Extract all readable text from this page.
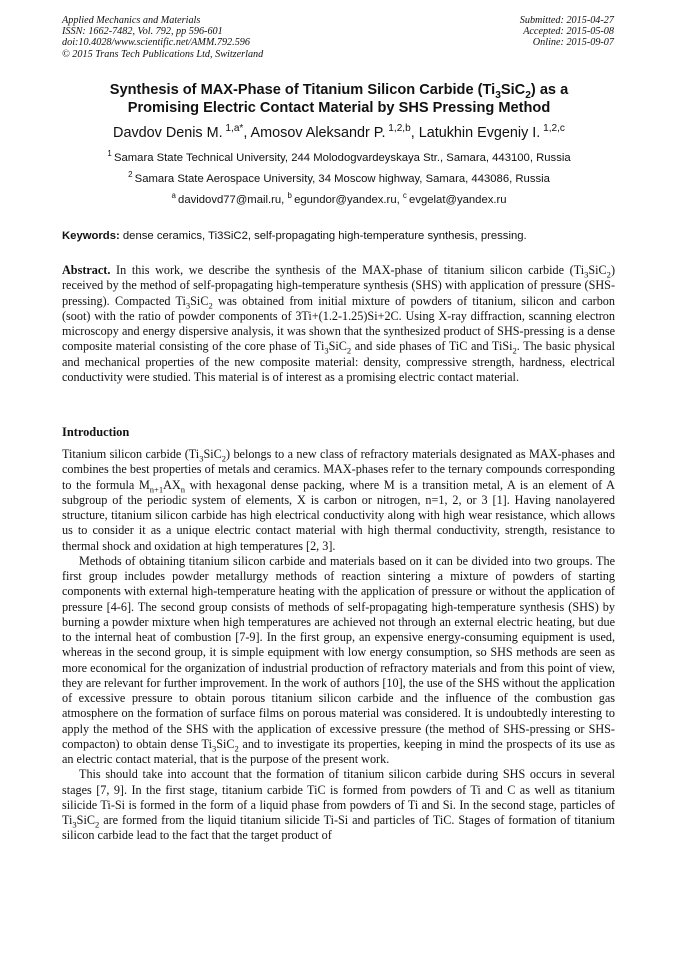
Applied Mechanics and Materials
ISSN: 1662-7482, Vol. 792, pp 596-601
doi:10.4028/www.scientific.net/AMM.792.596
© 2015 Trans Tech Publications Ltd, Switzerland
Submitted: 2015-04-27
Accepted: 2015-05-08
Online: 2015-09-07
Synthesis of MAX-Phase of Titanium Silicon Carbide $(Ti_3SiC_2)$ as a
Promising Electric Contact Material by SHS Pressing Method
Davdov Denis M. $^{1,a*}$, Amosov Aleksandr P. $^{1,2,b}$, Latukhin Evgeniy I. $^{1,2,c}$
$^1$ Samara State Technical University, 244 Molodogvardeyskaya Str., Samara, 443100, Russia
$^2$ Samara State Aerospace University, 34 Moscow highway, Samara, 443086, Russia
$^a$ davidovd77@mail.ru, $^b$ egundor@yandex.ru, $^c$ evgelat@yandex.ru
Keywords: dense ceramics, Ti3SiC2, self-propagating high-temperature synthesis, pressing.

Abstract. In this work, we describe the synthesis of the MAX-phase of titanium silicon carbide $(Ti_3SiC_2)$ received by the method of self-propagating high-temperature synthesis (SHS) with application of pressure (SHS-pressing). Compacted $Ti_3SiC_2$ was obtained from initial mixture of powders of titanium, silicon and carbon (soot) with the ratio of powder components of 3Ti+(1.2-1.25)Si+2C. Using X-ray diffraction, scanning electron microscopy and energy dispersive analysis, it was shown that the synthesized product of SHS-pressing is a dense composite material consisting of the core phase of $Ti_3SiC_2$ and side phases of TiC and TiSi$_2$. The basic physical and mechanical properties of the new composite material: density, compressive strength, hardness, electrical conductivity were studied. This material is of interest as a promising electric contact material.

Introduction

Titanium silicon carbide $(Ti_3SiC_2)$ belongs to a new class of refractory materials designated as MAX-phases and combines the best properties of metals and ceramics. MAX-phases refer to the ternary compounds corresponding to the formula $M_{n+1}AX_n$ with hexagonal dense packing, where M is a transition metal, A is an element of A subgroup of the periodic system of elements, X is carbon or nitrogen, n=1, 2, or 3 [1]. Having nanolayered structure, titanium silicon carbide has high electrical conductivity along with high wear resistance, which allows us to consider it as a unique electric contact material with high thermal conductivity, strength, resistance to thermal shock and oxidation at high temperatures [2, 3].

Methods of obtaining titanium silicon carbide and materials based on it can be divided into two groups. The first group includes powder metallurgy methods of reaction sintering a mixture of powders of starting components with external high-temperature heating with the application of pressure or without the application of pressure [4-6]. The second group consists of methods of self-propagating high-temperature synthesis (SHS) by burning a powder mixture when high temperatures are achieved not through an external electric heating, but due to the internal heat of combustion [7-9]. In the first group, an expensive energy-consuming equipment is used, whereas in the second group, it is simple equipment with low energy consumption, so SHS methods are seen as more economical for the organization of industrial production of refractory materials and from this point of view, they are relevant for further improvement. In the work of authors [10], the use of the SHS without the application of excessive pressure to obtain porous titanium silicon carbide and the influence of the combustion gas atmosphere on the formation of surface films on porous material was considered. It is undoubtedly interesting to apply the method of the SHS with the application of excessive pressure (the method of SHS-pressing or SHS-compacton) to obtain dense $Ti_3SiC_2$ and to investigate its properties, keeping in mind the prospects of its use as an electric contact material, that is the purpose of the present work.

This should take into account that the formation of titanium silicon carbide during SHS occurs in several stages [7, 9]. In the first stage, titanium carbide TiC is formed from powders of Ti and C as well as titanium silicide Ti-Si is formed in the form of a liquid phase from powders of Ti and Si. In the second stage, particles of $Ti_3SiC_2$ are formed from the liquid titanium silicide Ti-Si and particles of TiC. Stages of formation of titanium silicon carbide lead to the fact that the target product of
